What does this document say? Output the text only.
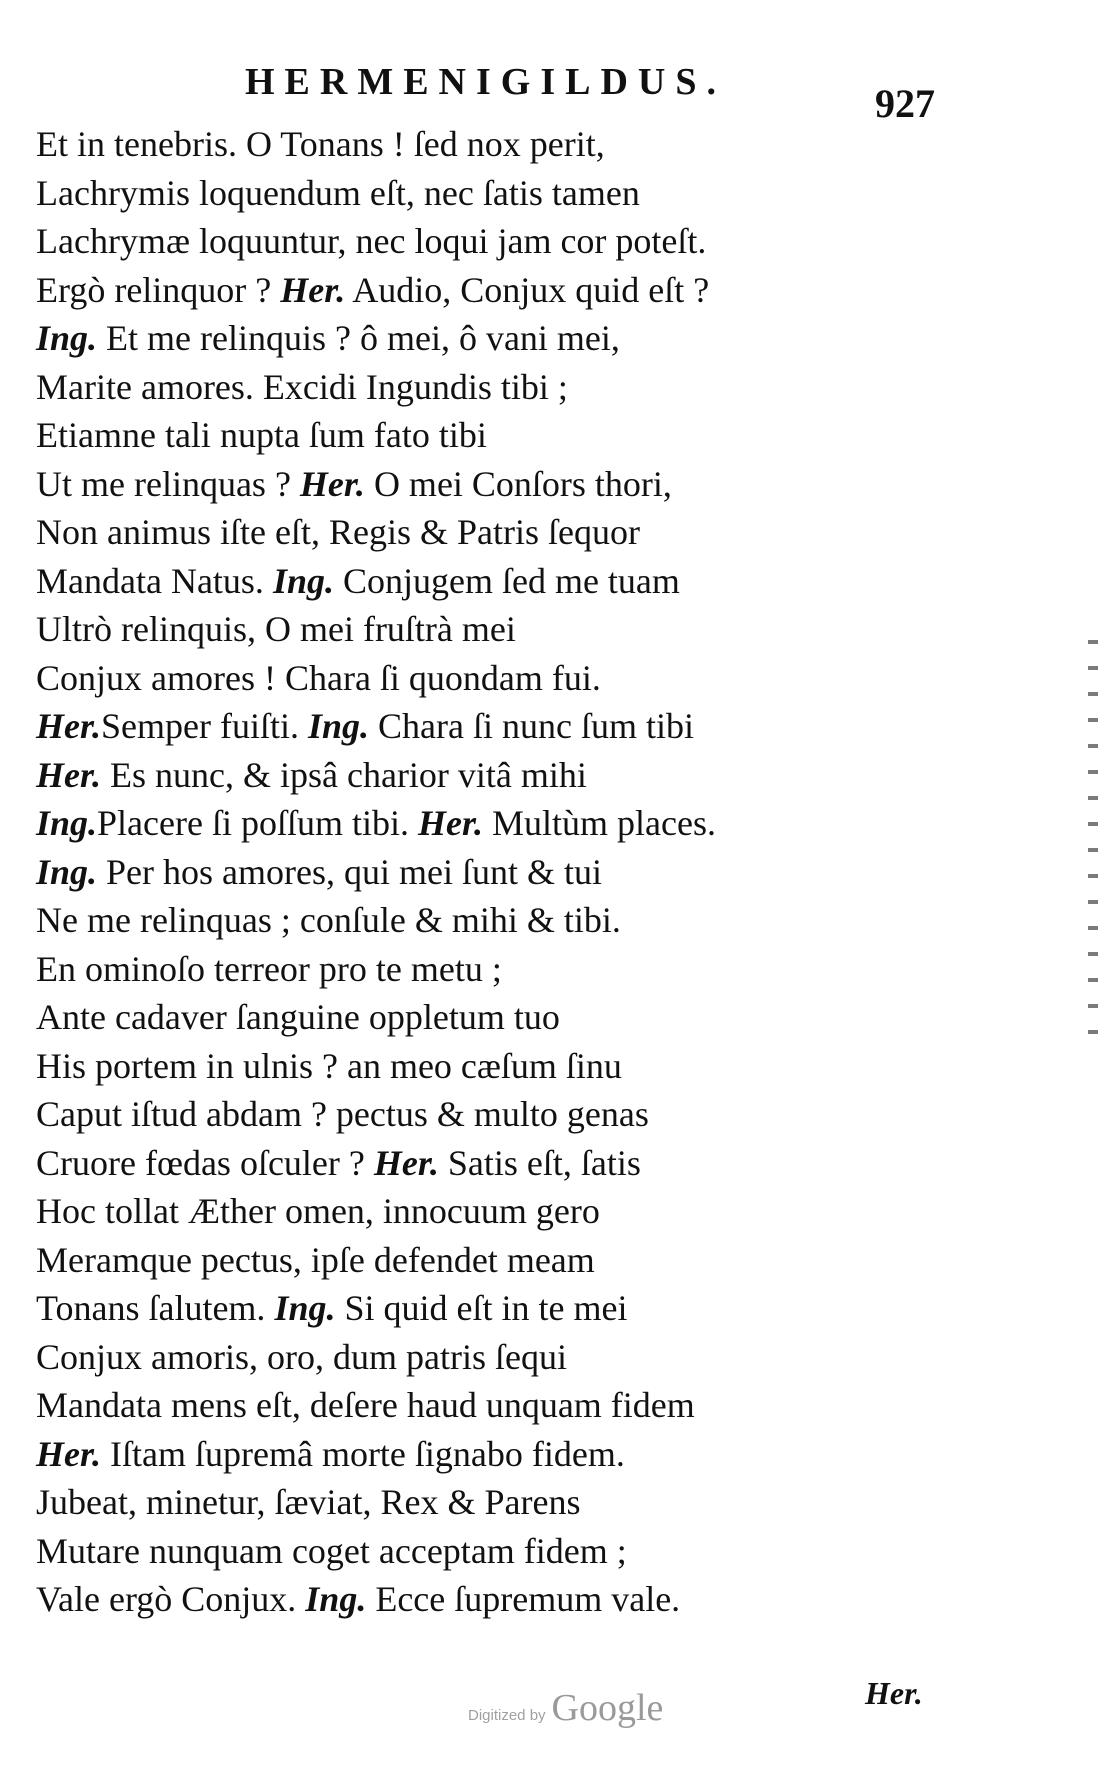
HERMENIGILDUS.	927
Et in tenebris. O Tonans ! ſed nox perit,
Lachrymis loquendum eſt, nec ſatis tamen
Lachrymæ loquuntur, nec loqui jam cor poteſt.
Ergò relinquor ? Her. Audio, Conjux quid eſt ?
Ing. Et me relinquis ? ô mei, ô vani mei,
Marite amores. Excidi Ingundis tibi ;
Etiamne tali nupta ſum fato tibi
Ut me relinquas ? Her. O mei Conſors thori,
Non animus iſte eſt, Regis & Patris ſequor
Mandata Natus. Ing. Conjugem ſed me tuam
Ultrò relinquis, O mei fruſtrà mei
Conjux amores ! Chara ſi quondam fui.
Her.Semper fuiſti. Ing. Chara ſi nunc ſum tibi
Her. Es nunc, & ipsâ charior vitâ mihi
Ing.Placere ſi poſſum tibi. Her. Multùm places.
Ing. Per hos amores, qui mei ſunt & tui
Ne me relinquas ; conſule & mihi & tibi.
En ominoſo terreor pro te metu ;
Ante cadaver ſanguine oppletum tuo
His portem in ulnis ? an meo cæſum ſinu
Caput iſtud abdam ? pectus & multo genas
Cruore fœdas oſculer ? Her. Satis eſt, ſatis
Hoc tollat Æther omen, innocuum gero
Meramque pectus, ipſe defendet meam
Tonans ſalutem. Ing. Si quid eſt in te mei
Conjux amoris, oro, dum patris ſequi
Mandata mens eſt, deſere haud unquam fidem
Her. Iſtam ſupremâ morte ſignabo fidem.
Jubeat, minetur, ſæviat, Rex & Parens
Mutare nunquam coget acceptam fidem ;
Vale ergò Conjux. Ing. Ecce ſupremum vale.
Her.
Digitized by Google
